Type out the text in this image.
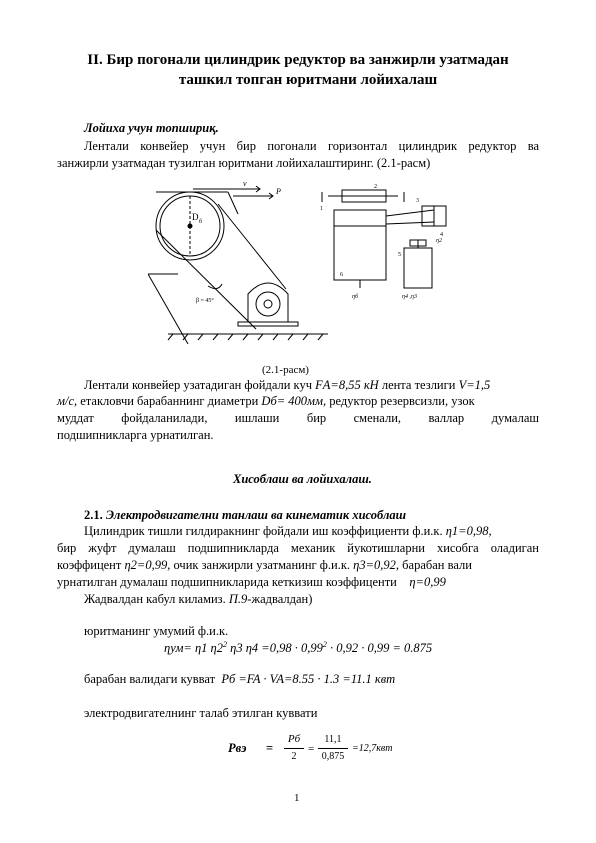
II. Бир погонали цилиндрик редуктор ва занжирли узатмадан
ташкил топган юритмани лойихалаш
Лойиха учун топшириқ.
Лентали конвейер учун бир погонали горизонтал цилиндрик редуктор ва
занжирли узатмадан тузилган юритмани лойихалаштиринг. (2.1-расм)
v
P
D б
β = 45°
1
2
3
4
5
6
η2
η4 ,η3
ηб
(2.1-расм)
Лентали конвейер узатадиган фойдали куч FА=8,55 кН лента тезлиги V=1,5
м/с, етакловчи барабаннинг диаметри Dб= 400мм, редуктор резервсизли, узок
муддат фойдаланилади, ишлаши бир сменали, валлар думалаш
подшипникларга урнатилган.
Хисоблаш ва лойихалаш.
2.1. Электродвигателни танлаш ва кинематик хисоблаш
Цилиндрик тишли гилдиракнинг фойдали иш коэффициенти ф.и.к. η1=0,98,
бир жуфт думалаш подшипникларда механик йукотишларни хисобга оладиган
коэффицент η2=0,99, очик занжирли узатманинг ф.и.к. η3=0,92, барабан вали
урнатилган думалаш подшипникларида кеткизиш коэффиценти η=0,99
Жадвалдан кабул киламиз. П.9-жадвалдан)
юритманинг умумий ф.и.к.
ηум= η1 $\eta 2^2$ η3 $\eta 4 =0,98 \cdot 0,99^2 \cdot 0,92 \cdot 0,99 = 0.875$
барабан валидаги кувват Pб =FA · VA=8.55 · 1.3 =11.1 квт
электродвигателнинг талаб этилган куввати
Рвэ =
Рб
2
=
11,1
0,875
=12,7квт
1
